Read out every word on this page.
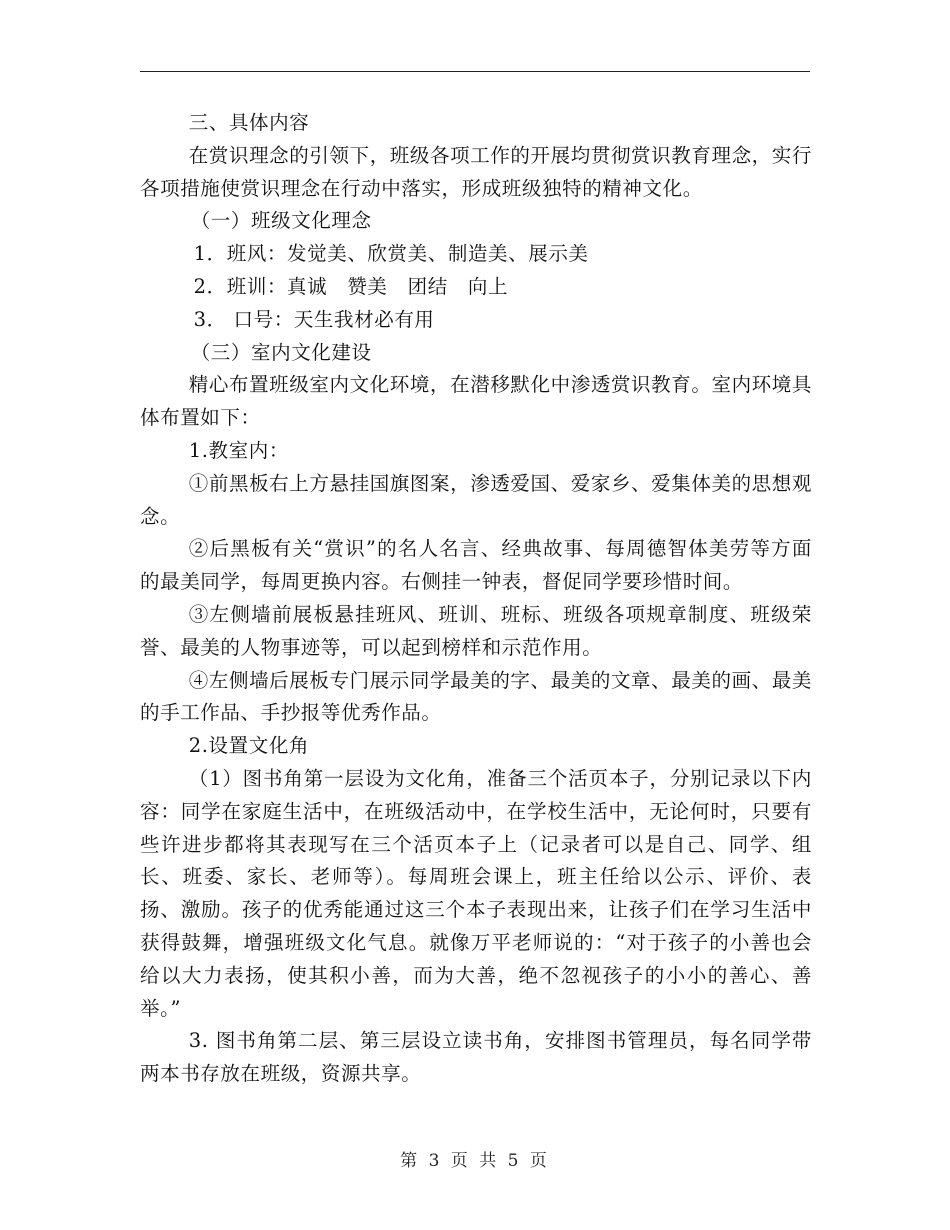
三、具体内容

在赏识理念的引领下，班级各项工作的开展均贯彻赏识教育理念，实行各项措施使赏识理念在行动中落实，形成班级独特的精神文化。

（一）班级文化理念

1．班风：发觉美、欣赏美、制造美、展示美

2．班训：真诚　赞美　团结　向上

3． 口号：天生我材必有用

（三）室内文化建设

精心布置班级室内文化环境，在潜移默化中渗透赏识教育。室内环境具体布置如下：

1.教室内：

①前黑板右上方悬挂国旗图案，渗透爱国、爱家乡、爱集体美的思想观念。

②后黑板有关“赏识”的名人名言、经典故事、每周德智体美劳等方面的最美同学，每周更换内容。右侧挂一钟表，督促同学要珍惜时间。

③左侧墙前展板悬挂班风、班训、班标、班级各项规章制度、班级荣誉、最美的人物事迹等，可以起到榜样和示范作用。

④左侧墙后展板专门展示同学最美的字、最美的文章、最美的画、最美的手工作品、手抄报等优秀作品。

2.设置文化角

（1）图书角第一层设为文化角，准备三个活页本子，分别记录以下内容：同学在家庭生活中，在班级活动中，在学校生活中，无论何时，只要有些许进步都将其表现写在三个活页本子上（记录者可以是自己、同学、组长、班委、家长、老师等）。每周班会课上，班主任给以公示、评价、表扬、激励。孩子的优秀能通过这三个本子表现出来，让孩子们在学习生活中获得鼓舞，增强班级文化气息。就像万平老师说的：“对于孩子的小善也会给以大力表扬，使其积小善，而为大善，绝不忽视孩子的小小的善心、善举。”

3. 图书角第二层、第三层设立读书角，安排图书管理员，每名同学带两本书存放在班级，资源共享。

第 3 页 共 5 页
